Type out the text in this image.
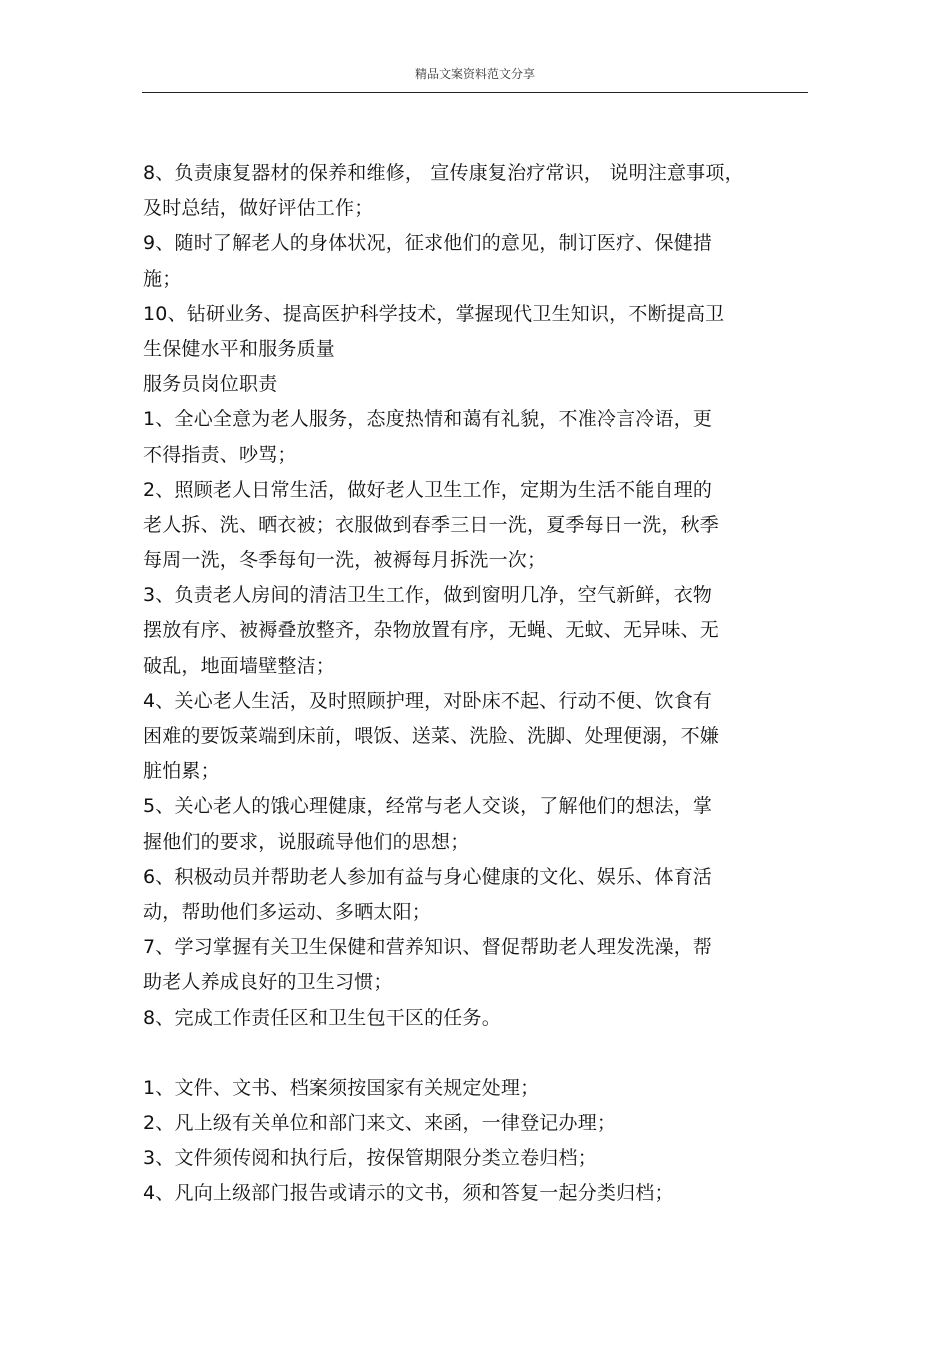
精品文案资料范文分享
8、负责康复器材的保养和维修， 宣传康复治疗常识， 说明注意事项，
及时总结，做好评估工作；
9、随时了解老人的身体状况，征求他们的意见，制订医疗、保健措
施；
10、钻研业务、提高医护科学技术，掌握现代卫生知识，不断提高卫
生保健水平和服务质量
服务员岗位职责
1、全心全意为老人服务，态度热情和蔼有礼貌，不准冷言冷语，更
不得指责、吵骂；
2、照顾老人日常生活，做好老人卫生工作，定期为生活不能自理的
老人拆、洗、晒衣被；衣服做到春季三日一洗，夏季每日一洗，秋季
每周一洗，冬季每旬一洗，被褥每月拆洗一次；
3、负责老人房间的清洁卫生工作，做到窗明几净，空气新鲜，衣物
摆放有序、被褥叠放整齐，杂物放置有序，无蝇、无蚊、无异味、无
破乱，地面墙壁整洁；
4、关心老人生活，及时照顾护理，对卧床不起、行动不便、饮食有
困难的要饭菜端到床前，喂饭、送菜、洗脸、洗脚、处理便溺，不嫌
脏怕累；
5、关心老人的饿心理健康，经常与老人交谈，了解他们的想法，掌
握他们的要求，说服疏导他们的思想；
6、积极动员并帮助老人参加有益与身心健康的文化、娱乐、体育活
动，帮助他们多运动、多晒太阳；
7、学习掌握有关卫生保健和营养知识、督促帮助老人理发洗澡，帮
助老人养成良好的卫生习惯；
8、完成工作责任区和卫生包干区的任务。
1、文件、文书、档案须按国家有关规定处理；
2、凡上级有关单位和部门来文、来函，一律登记办理；
3、文件须传阅和执行后，按保管期限分类立卷归档；
4、凡向上级部门报告或请示的文书，须和答复一起分类归档；
